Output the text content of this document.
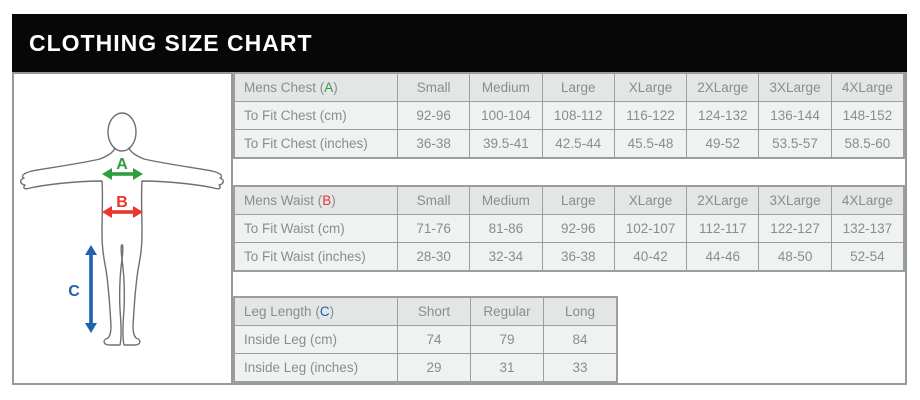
CLOTHING SIZE CHART
A
B
C
Mens Chest ( A )	Small	Medium	Large	XLarge	2XLarge	3XLarge	4XLarge
To Fit Chest (cm)	92-96	100-104	108-112	116-122	124-132	136-144	148-152
To Fit Chest (inches)	36-38	39.5-41	42.5-44	45.5-48	49-52	53.5-57	58.5-60
Mens Waist ( B )	Small	Medium	Large	XLarge	2XLarge	3XLarge	4XLarge
To Fit Waist (cm)	71-76	81-86	92-96	102-107	112-117	122-127	132-137
To Fit Waist (inches)	28-30	32-34	36-38	40-42	44-46	48-50	52-54
Leg Length ( C )	Short	Regular	Long
Inside Leg (cm)	74	79	84
Inside Leg (inches)	29	31	33
